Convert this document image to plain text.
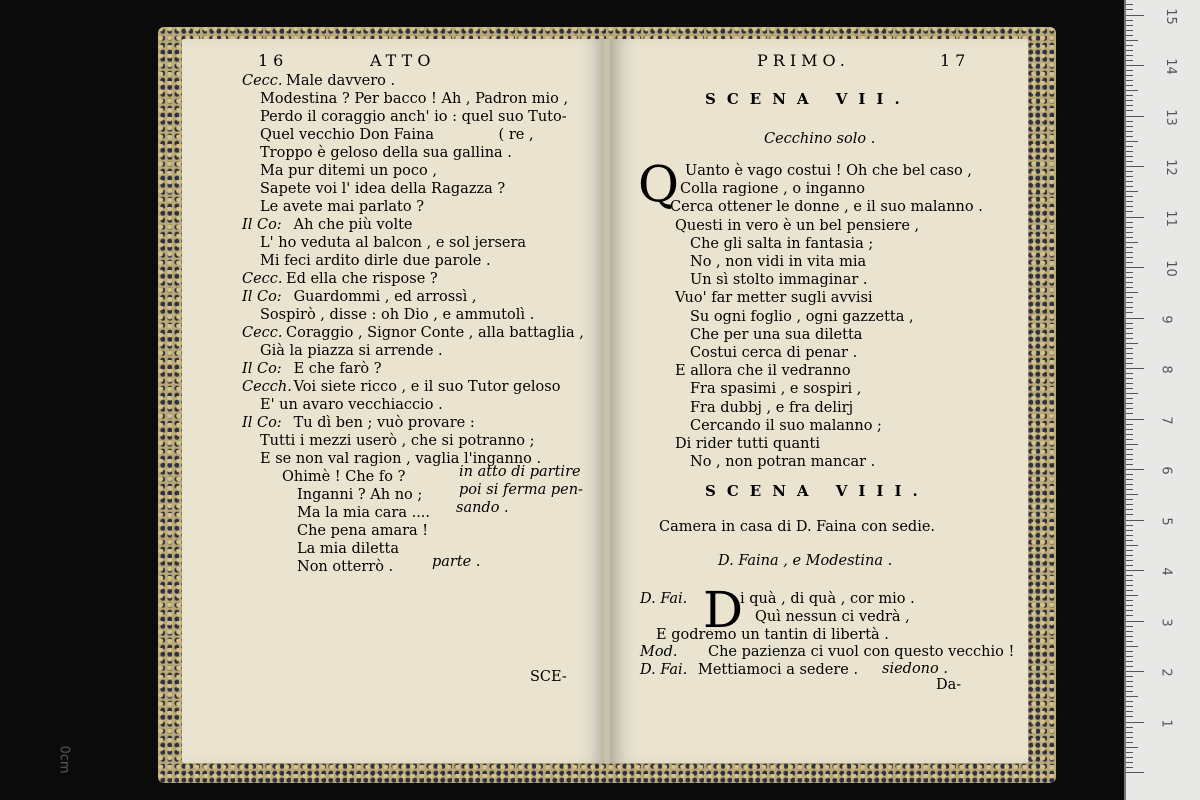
16	ATTO
Cecc. Male davvero .
Modestina ? Per bacco ! Ah , Padron mio ,
Perdo il coraggio anch' io : quel suo Tuto-
Quel vecchio Don Faina              ( re ,
Troppo è geloso della sua gallina .
Ma pur ditemi un poco ,
Sapete voi l' idea della Ragazza ?
Le avete mai parlato ?
Il Co: Ah che più volte
L' ho veduta al balcon , e sol jersera
Mi feci ardito dirle due parole .
Cecc. Ed ella che rispose ?
Il Co: Guardommi , ed arrossì ,
Sospirò , disse : oh Dio , e ammutolì .
Cecc. Coraggio , Signor Conte , alla battaglia ,
Già la piazza si arrende .
Il Co: E che farò ?
Cecch. Voi siete ricco , e il suo Tutor geloso
E' un avaro vecchiaccio .
Il Co: Tu dì ben ; vuò provare :
Tutti i mezzi userò , che si potranno ;
E se non val ragion , vaglia l'inganno .
Ohimè ! Che fo ?
Inganni ? Ah no ;
Ma la mia cara ....
Che pena amara !
La mia diletta
Non otterrò .
in atto di partire
poi si ferma pen-
sando .
parte .
SCE-
PRIMO.	17
SCENA VII.
Cecchino solo .
Q Uanto è vago costui ! Oh che bel caso ,
Colla ragione , o inganno
Cerca ottener le donne , e il suo malanno .
Questi in vero è un bel pensiere ,
Che gli salta in fantasia ;
No , non vidi in vita mia
Un sì stolto immaginar .
Vuo' far metter sugli avvisi
Su ogni foglio , ogni gazzetta ,
Che per una sua diletta
Costui cerca di penar .
E allora che il vedranno
Fra spasimi , e sospiri ,
Fra dubbj , e fra delirj
Cercando il suo malanno ;
Di rider tutti quanti
No , non potran mancar .
SCENA VIII.
Camera in casa di D. Faina con sedie.
D. Faina , e Modestina .
D
D. Fai.	i quà , di quà , cor mio .
Quì nessun ci vedrà ,
E godremo un tantin di libertà .
Mod. Che pazienza ci vuol con questo vecchio !
D. Fai. Mettiamoci a sedere . siedono .
Da-
0cm
1
2
3
4
5
6
7
8
9
10
11
12
13
14
15
